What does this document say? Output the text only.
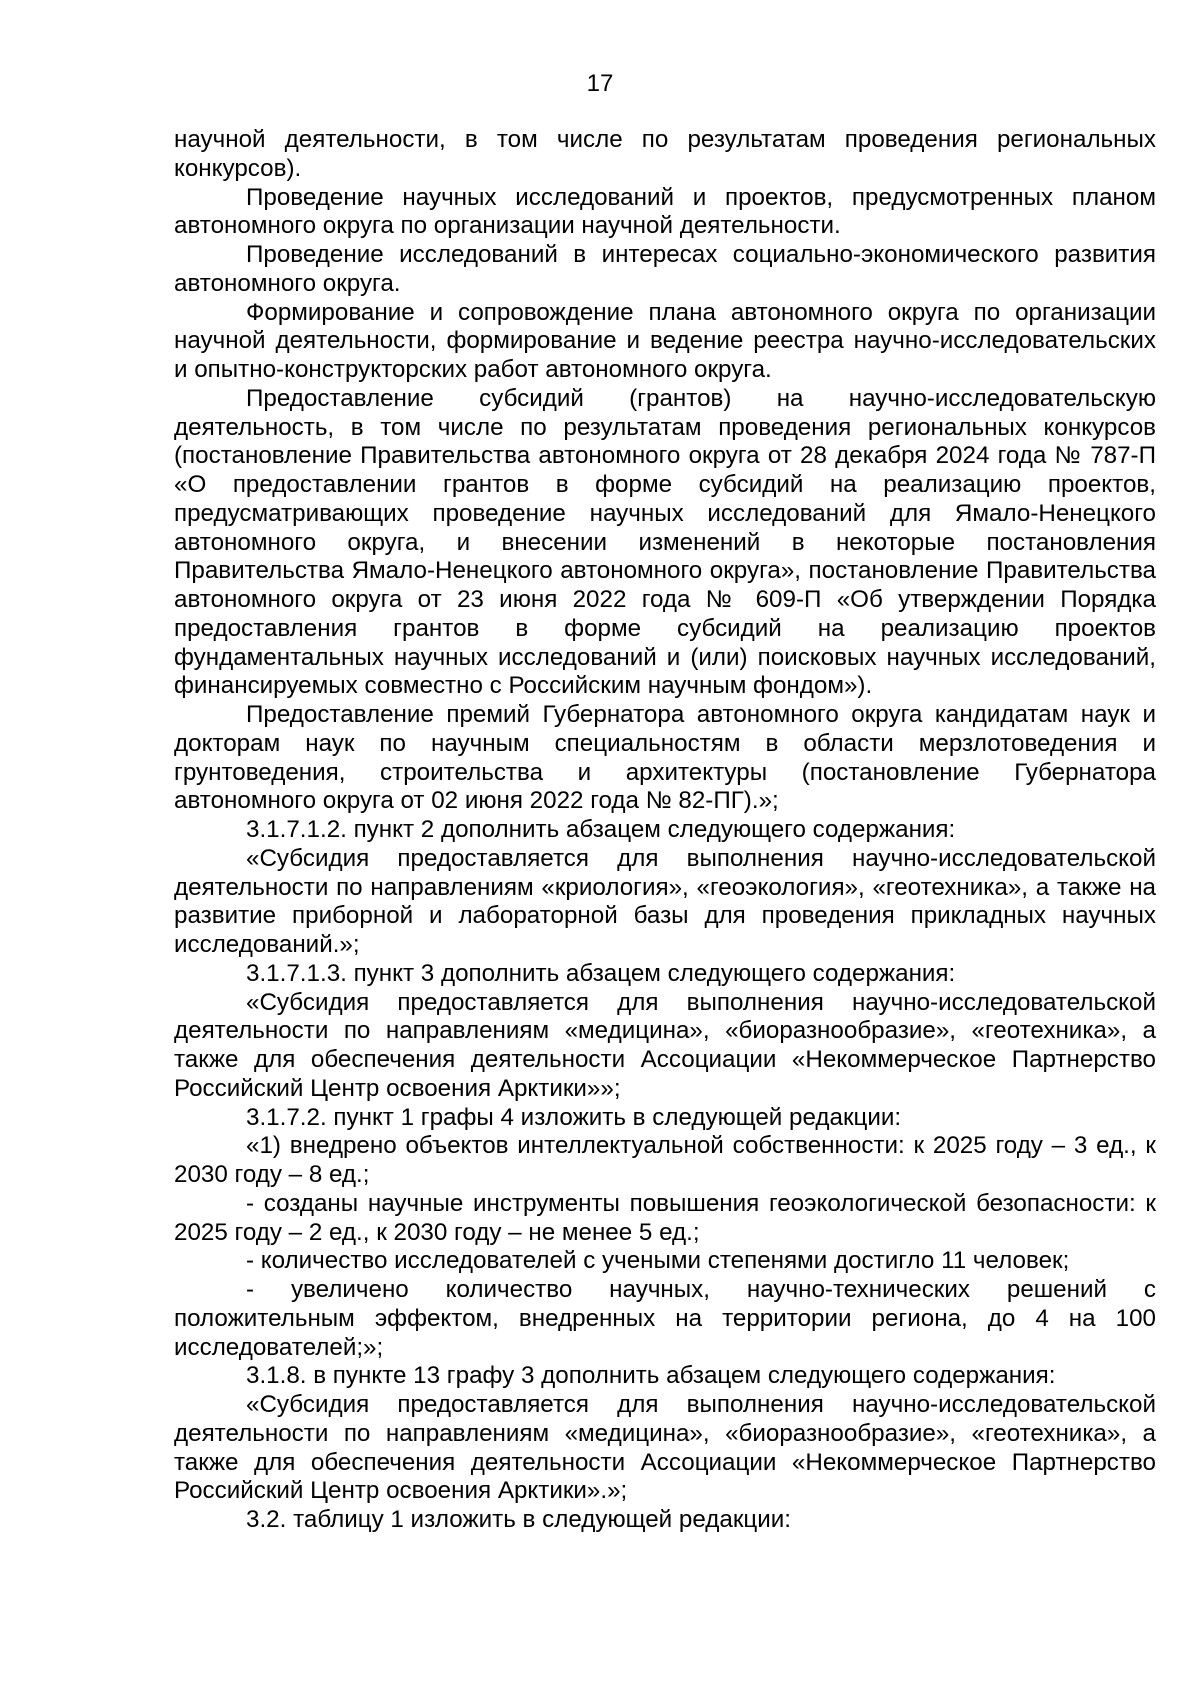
17

научной деятельности, в том числе по результатам проведения региональных конкурсов).

Проведение научных исследований и проектов, предусмотренных планом автономного округа по организации научной деятельности.

Проведение исследований в интересах социально-экономического развития автономного округа.

Формирование и сопровождение плана автономного округа по организации научной деятельности, формирование и ведение реестра научно-исследовательских и опытно-конструкторских работ автономного округа.

Предоставление субсидий (грантов) на научно-исследовательскую деятельность, в том числе по результатам проведения региональных конкурсов (постановление Правительства автономного округа от 28 декабря 2024 года № 787-П «О предоставлении грантов в форме субсидий на реализацию проектов, предусматривающих проведение научных исследований для Ямало-Ненецкого автономного округа, и внесении изменений в некоторые постановления Правительства Ямало-Ненецкого автономного округа», постановление Правительства автономного округа от 23 июня 2022 года № 609-П «Об утверждении Порядка предоставления грантов в форме субсидий на реализацию проектов фундаментальных научных исследований и (или) поисковых научных исследований, финансируемых совместно с Российским научным фондом»).

Предоставление премий Губернатора автономного округа кандидатам наук и докторам наук по научным специальностям в области мерзлотоведения и грунтоведения, строительства и архитектуры (постановление Губернатора автономного округа от 02 июня 2022 года № 82-ПГ).»;

3.1.7.1.2. пункт 2 дополнить абзацем следующего содержания:

«Субсидия предоставляется для выполнения научно-исследовательской деятельности по направлениям «криология», «геоэкология», «геотехника», а также на развитие приборной и лабораторной базы для проведения прикладных научных исследований.»;

3.1.7.1.3. пункт 3 дополнить абзацем следующего содержания:

«Субсидия предоставляется для выполнения научно-исследовательской деятельности по направлениям «медицина», «биоразнообразие», «геотехника», а также для обеспечения деятельности Ассоциации «Некоммерческое Партнерство Российский Центр освоения Арктики»»;

3.1.7.2. пункт 1 графы 4 изложить в следующей редакции:

«1) внедрено объектов интеллектуальной собственности: к 2025 году – 3 ед., к 2030 году – 8 ед.;

- созданы научные инструменты повышения геоэкологической безопасности: к 2025 году – 2 ед., к 2030 году – не менее 5 ед.;

- количество исследователей с учеными степенями достигло 11 человек;

- увеличено количество научных, научно-технических решений с положительным эффектом, внедренных на территории региона, до 4 на 100 исследователей;»;

3.1.8. в пункте 13 графу 3 дополнить абзацем следующего содержания:

«Субсидия предоставляется для выполнения научно-исследовательской деятельности по направлениям «медицина», «биоразнообразие», «геотехника», а также для обеспечения деятельности Ассоциации «Некоммерческое Партнерство Российский Центр освоения Арктики».»;

3.2. таблицу 1 изложить в следующей редакции:
